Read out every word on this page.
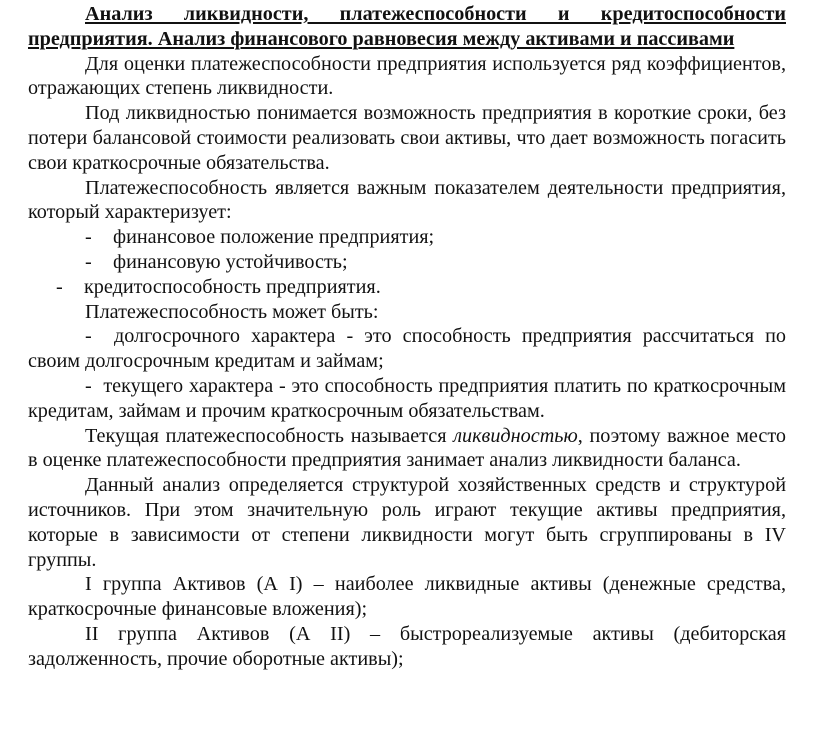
Анализ ликвидности, платежеспособности и кредитоспособности предприятия. Анализ финансового равновесия между активами и пассивами

Для оценки платежеспособности предприятия используется ряд коэффициентов, отражающих степень ликвидности.

Под ликвидностью понимается возможность предприятия в короткие сроки, без потери балансовой стоимости реализовать свои активы, что дает возможность погасить свои краткосрочные обязательства.

Платежеспособность является важным показателем деятельности предприятия, который характеризует:

- финансовое положение предприятия;

- финансовую устойчивость;

- кредитоспособность предприятия.

Платежеспособность может быть:

- долгосрочного характера - это способность предприятия рассчитаться по своим долгосрочным кредитам и займам;

- текущего характера - это способность предприятия платить по краткосрочным кредитам, займам и прочим краткосрочным обязательствам.

Текущая платежеспособность называется ликвидностью, поэтому важное место в оценке платежеспособности предприятия занимает анализ ликвидности баланса.

Данный анализ определяется структурой хозяйственных средств и структурой источников. При этом значительную роль играют текущие активы предприятия, которые в зависимости от степени ликвидности могут быть сгруппированы в IV группы.

I группа Активов (А I) – наиболее ликвидные активы (денежные средства, краткосрочные финансовые вложения);

II группа Активов (А II) – быстрореализуемые активы (дебиторская задолженность, прочие оборотные активы);
